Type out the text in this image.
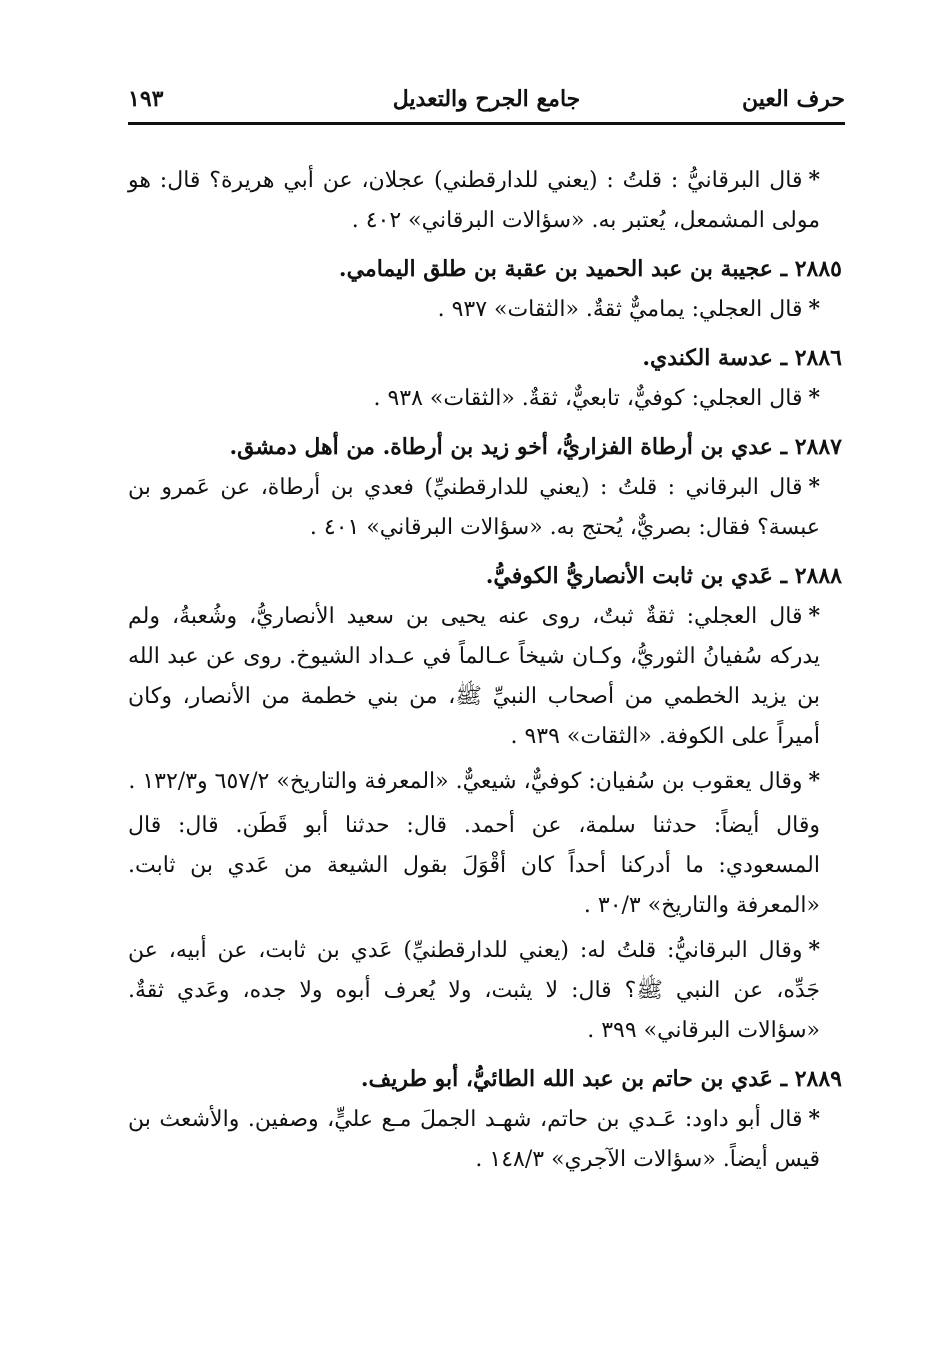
حرف العين
جامع الجرح والتعديل
١٩٣

*قال البرقانيُّ : قلتُ : (يعني للدارقطني) عجلان، عن أبي هريرة؟ قال: هو مولى المشمعل، يُعتبر به. «سؤالات البرقاني» ٤٠٢ .

٢٨٨٥ ـ عجيبة بن عبد الحميد بن عقبة بن طلق اليمامي.

*قال العجلي: يماميٌّ ثقةٌ. «الثقات» ٩٣٧ .

٢٨٨٦ ـ عدسة الكندي.

*قال العجلي: كوفيٌّ، تابعيٌّ، ثقةٌ. «الثقات» ٩٣٨ .

٢٨٨٧ ـ عدي بن أرطاة الفزاريُّ، أخو زيد بن أرطاة. من أهل دمشق.

*قال البرقاني : قلتُ : (يعني للدارقطنيِّ) فعدي بن أرطاة، عن عَمرو بن عبسة؟ فقال: بصريٌّ، يُحتج به. «سؤالات البرقاني» ٤٠١ .

٢٨٨٨ ـ عَدي بن ثابت الأنصاريُّ الكوفيُّ.

*قال العجلي: ثقةٌ ثبتٌ، روى عنه يحيى بن سعيد الأنصاريُّ، وشُعبةُ، ولم يدركه سُفيانُ الثوريُّ، وكـان شيخاً عـالماً في عـداد الشيوخ. روى عن عبد الله بن يزيد الخطمي من أصحاب النبيِّ ﷺ، من بني خطمة من الأنصار، وكان أميراً على الكوفة. «الثقات» ٩٣٩ .

*وقال يعقوب بن سُفيان: كوفيٌّ، شيعيٌّ. «المعرفة والتاريخ» ٦٥٧/٢ و١٣٢/٣ .

وقال أيضاً: حدثنا سلمة، عن أحمد. قال: حدثنا أبو قَطَن. قال: قال المسعودي: ما أدركنا أحداً كان أقْوَلَ بقول الشيعة من عَدي بن ثابت. «المعرفة والتاريخ» ٣٠/٣ .

*وقال البرقانيُّ: قلتُ له: (يعني للدارقطنيِّ) عَدي بن ثابت، عن أبيه، عن جَدِّه، عن النبي ﷺ؟ قال: لا يثبت، ولا يُعرف أبوه ولا جده، وعَدي ثقةٌ. «سؤالات البرقاني» ٣٩٩ .

٢٨٨٩ ـ عَدي بن حاتم بن عبد الله الطائيُّ، أبو طريف.

*قال أبو داود: عَـدي بن حاتم، شهـد الجملَ مـع عليٍّ، وصفين. والأشعث بن قيس أيضاً. «سؤالات الآجري» ١٤٨/٣ .
